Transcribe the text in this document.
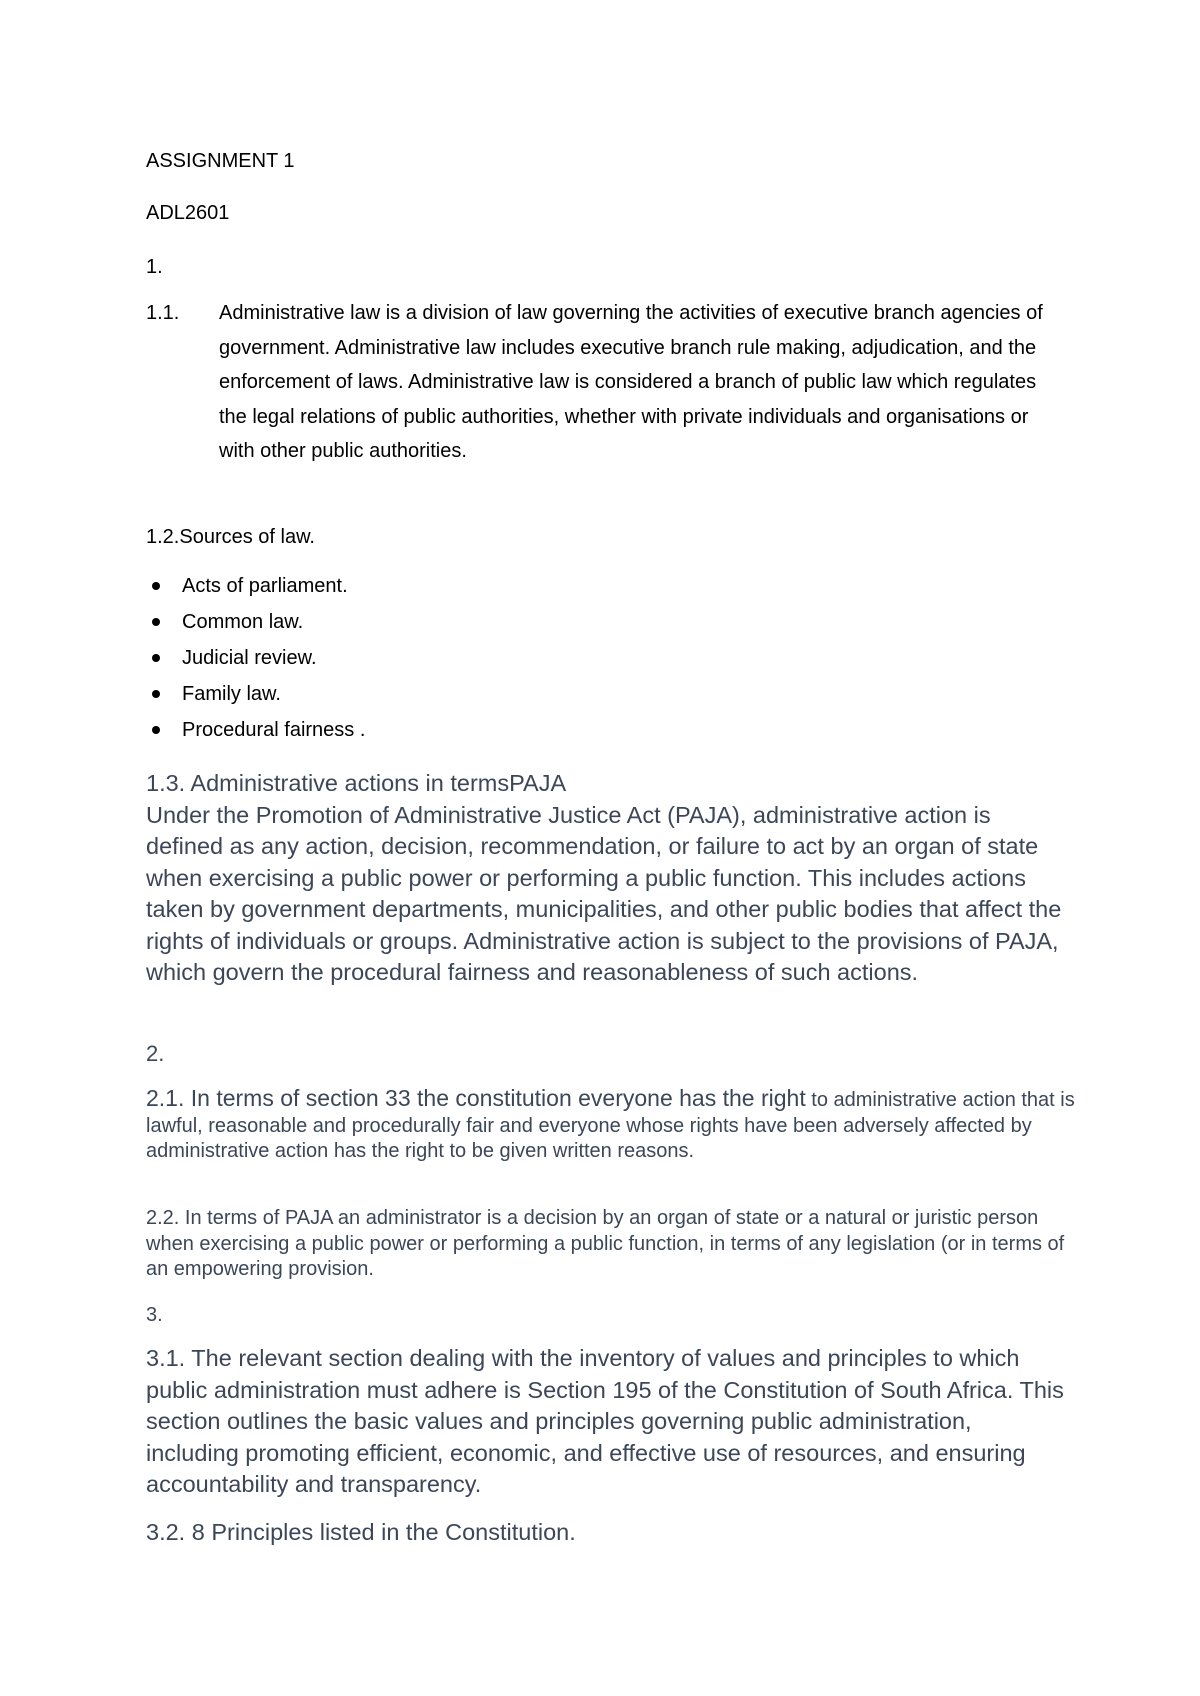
ASSIGNMENT 1
ADL2601
1.
1.1. Administrative law is a division of law governing the activities of executive branch agencies of government. Administrative law includes executive branch rule making, adjudication, and the enforcement of laws. Administrative law is considered a branch of public law which regulates the legal relations of public authorities, whether with private individuals and organisations or with other public authorities.
1.2.Sources of law.
Acts of parliament.
Common law.
Judicial review.
Family law.
Procedural fairness .
1.3. Administrative actions in termsPAJA
Under the Promotion of Administrative Justice Act (PAJA), administrative action is defined as any action, decision, recommendation, or failure to act by an organ of state when exercising a public power or performing a public function. This includes actions taken by government departments, municipalities, and other public bodies that affect the rights of individuals or groups. Administrative action is subject to the provisions of PAJA, which govern the procedural fairness and reasonableness of such actions.
2.
2.1. In terms of section 33 the constitution everyone has the right to administrative action that is lawful, reasonable and procedurally fair and everyone whose rights have been adversely affected by administrative action has the right to be given written reasons.
2.2. In terms of PAJA an administrator is a decision by an organ of state or a natural or juristic person when exercising a public power or performing a public function, in terms of any legislation (or in terms of an empowering provision.
3.
3.1. The relevant section dealing with the inventory of values and principles to which public administration must adhere is Section 195 of the Constitution of South Africa. This section outlines the basic values and principles governing public administration, including promoting efficient, economic, and effective use of resources, and ensuring accountability and transparency.
3.2. 8 Principles listed in the Constitution.
